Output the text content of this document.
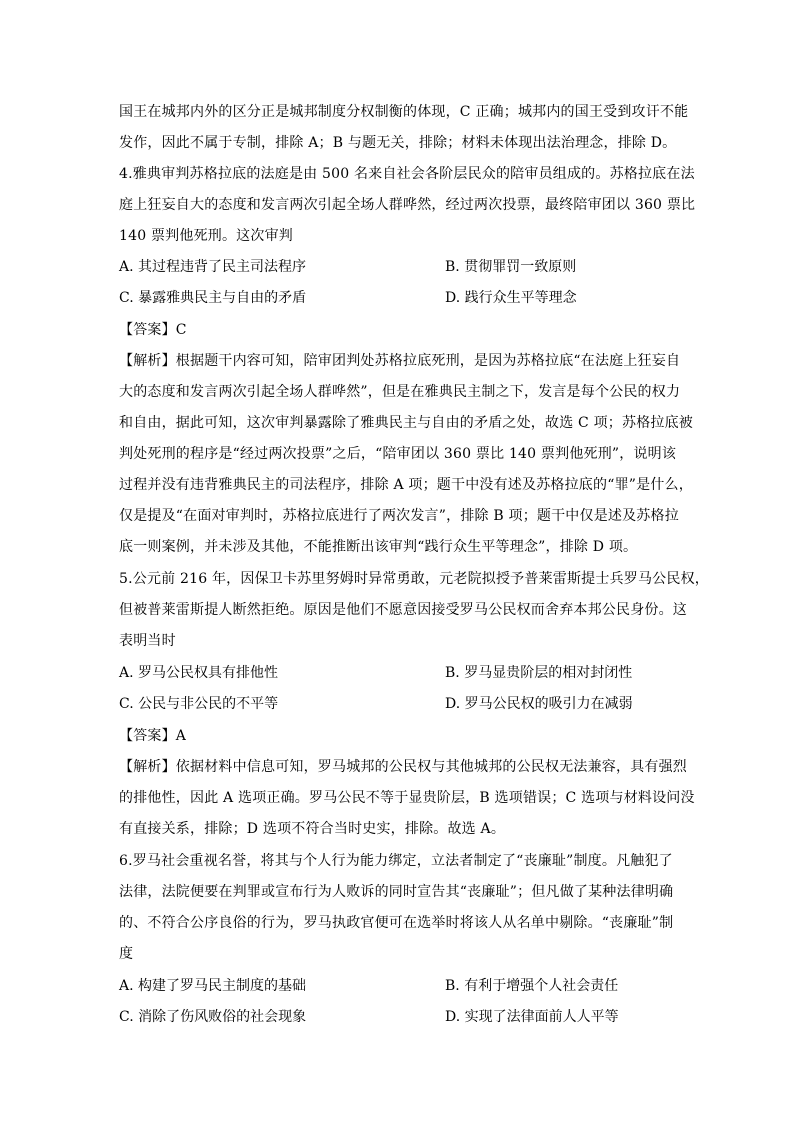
国王在城邦内外的区分正是城邦制度分权制衡的体现，C 正确；城邦内的国王受到攻讦不能
发作，因此不属于专制，排除 A；B 与题无关，排除；材料未体现出法治理念，排除 D。
4.雅典审判苏格拉底的法庭是由 500 名来自社会各阶层民众的陪审员组成的。苏格拉底在法
庭上狂妄自大的态度和发言两次引起全场人群哗然，经过两次投票，最终陪审团以 360 票比
140 票判他死刑。这次审判
A. 其过程违背了民主司法程序	B. 贯彻罪罚一致原则
C. 暴露雅典民主与自由的矛盾	D. 践行众生平等理念
【答案】C
【解析】根据题干内容可知，陪审团判处苏格拉底死刑，是因为苏格拉底“在法庭上狂妄自
大的态度和发言两次引起全场人群哗然”，但是在雅典民主制之下，发言是每个公民的权力
和自由，据此可知，这次审判暴露除了雅典民主与自由的矛盾之处，故选 C 项；苏格拉底被
判处死刑的程序是“经过两次投票”之后，“陪审团以 360 票比 140 票判他死刑”，说明该
过程并没有违背雅典民主的司法程序，排除 A 项；题干中没有述及苏格拉底的“罪”是什么，
仅是提及“在面对审判时，苏格拉底进行了两次发言”，排除 B 项；题干中仅是述及苏格拉
底一则案例，并未涉及其他，不能推断出该审判“践行众生平等理念”，排除 D 项。
5.公元前 216 年，因保卫卡苏里努姆时异常勇敢，元老院拟授予普莱雷斯提士兵罗马公民权，
但被普莱雷斯提人断然拒绝。原因是他们不愿意因接受罗马公民权而舍弃本邦公民身份。这
表明当时
A. 罗马公民权具有排他性	B. 罗马显贵阶层的相对封闭性
C. 公民与非公民的不平等	D. 罗马公民权的吸引力在减弱
【答案】A
【解析】依据材料中信息可知，罗马城邦的公民权与其他城邦的公民权无法兼容，具有强烈
的排他性，因此 A 选项正确。罗马公民不等于显贵阶层，B 选项错误；C 选项与材料设问没
有直接关系，排除；D 选项不符合当时史实，排除。故选 A。
6.罗马社会重视名誉，将其与个人行为能力绑定，立法者制定了“丧廉耻”制度。凡触犯了
法律，法院便要在判罪或宣布行为人败诉的同时宣告其“丧廉耻”；但凡做了某种法律明确
的、不符合公序良俗的行为，罗马执政官便可在选举时将该人从名单中剔除。“丧廉耻”制
度
A. 构建了罗马民主制度的基础	B. 有利于增强个人社会责任
C. 消除了伤风败俗的社会现象	D. 实现了法律面前人人平等
